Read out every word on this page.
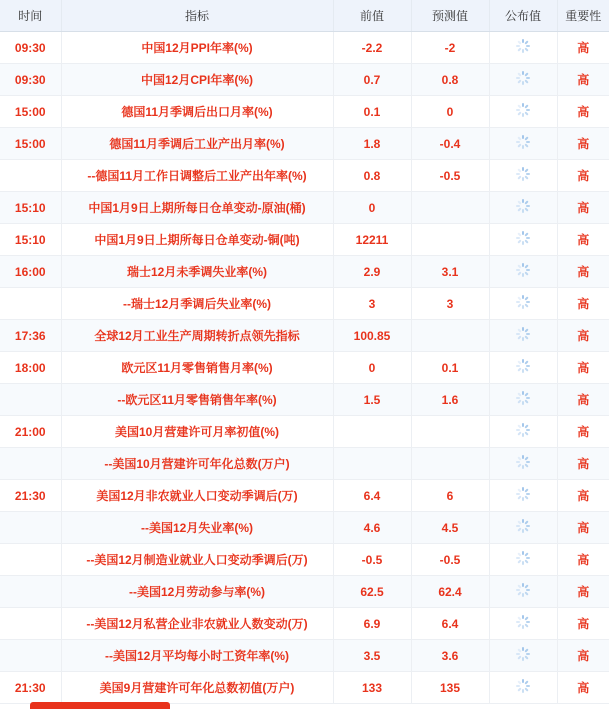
时间	指标	前值	预测值	公布值	重要性
09:30	中国12月PPI年率(%)	-2.2	-2		高
09:30	中国12月CPI年率(%)	0.7	0.8		高
15:00	德国11月季调后出口月率(%)	0.1	0		高
15:00	德国11月季调后工业产出月率(%)	1.8	-0.4		高
	--德国11月工作日调整后工业产出年率(%)	0.8	-0.5		高
15:10	中国1月9日上期所每日仓单变动-原油(桶)	0			高
15:10	中国1月9日上期所每日仓单变动-铜(吨)	12211			高
16:00	瑞士12月未季调失业率(%)	2.9	3.1		高
	--瑞士12月季调后失业率(%)	3	3		高
17:36	全球12月工业生产周期转折点领先指标	100.85			高
18:00	欧元区11月零售销售月率(%)	0	0.1		高
	--欧元区11月零售销售年率(%)	1.5	1.6		高
21:00	美国10月营建许可月率初值(%)				高
	--美国10月营建许可年化总数(万户)				高
21:30	美国12月非农就业人口变动季调后(万)	6.4	6		高
	--美国12月失业率(%)	4.6	4.5		高
	--美国12月制造业就业人口变动季调后(万)	-0.5	-0.5		高
	--美国12月劳动参与率(%)	62.5	62.4		高
	--美国12月私营企业非农就业人数变动(万)	6.9	6.4		高
	--美国12月平均每小时工资年率(%)	3.5	3.6		高
21:30	美国9月营建许可年化总数初值(万户)	133	135		高
